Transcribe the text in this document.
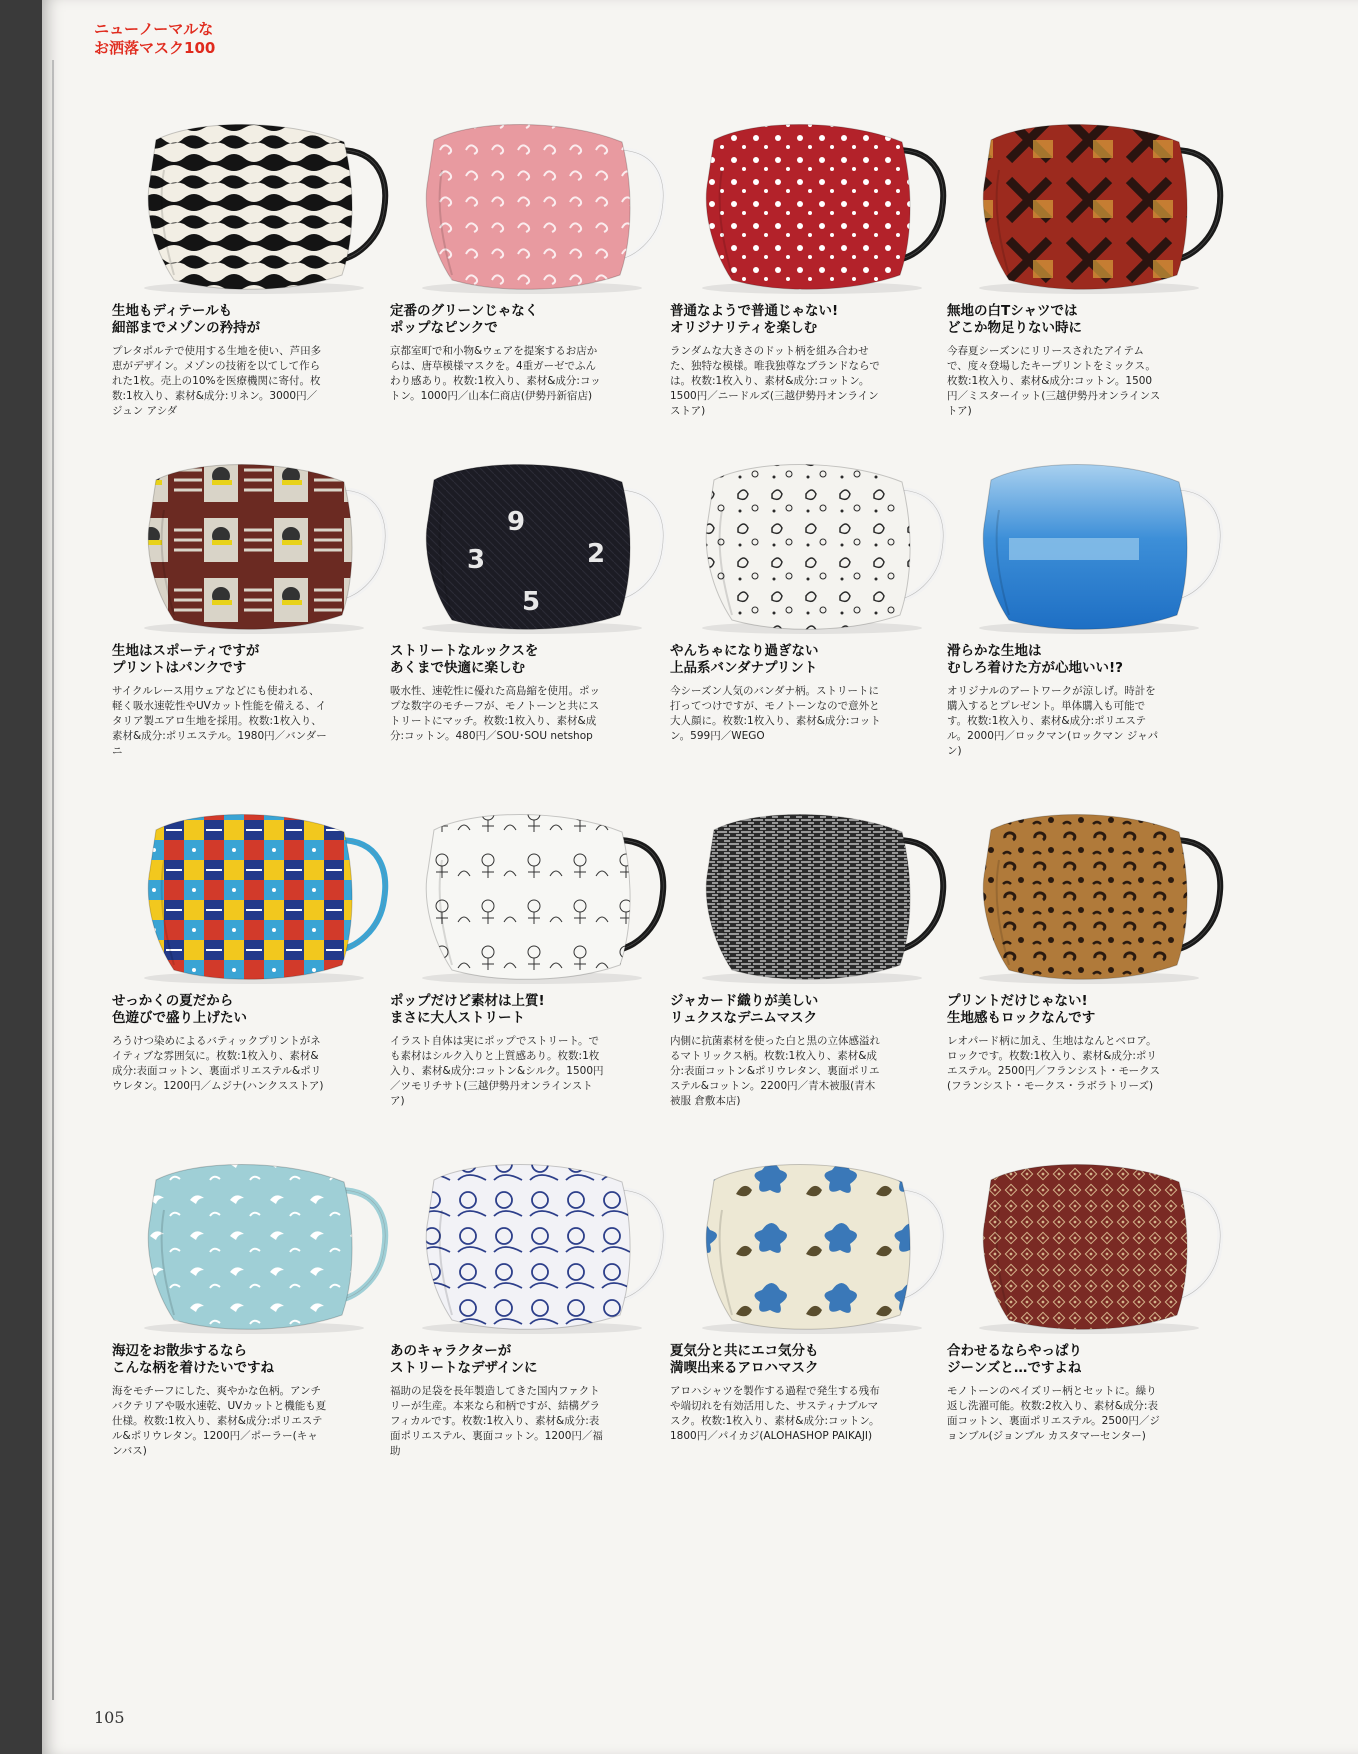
ニューノーマルな
お洒落マスク100
生地もディテールも
細部までメゾンの矜持が
プレタポルテで使用する生地を使い、芦田多恵がデザイン。メゾンの技術を以てして作られた1枚。売上の10%を医療機関に寄付。枚数:1枚入り、素材&成分:リネン。3000円／ジュン アシダ
定番のグリーンじゃなく
ポップなピンクで
京都室町で和小物&ウェアを提案するお店からは、唐草模様マスクを。4重ガーゼでふんわり感あり。枚数:1枚入り、素材&成分:コットン。1000円／山本仁商店(伊勢丹新宿店)
普通なようで普通じゃない!
オリジナリティを楽しむ
ランダムな大きさのドット柄を組み合わせた、独特な模様。唯我独尊なブランドならでは。枚数:1枚入り、素材&成分:コットン。1500円／ニードルズ(三越伊勢丹オンラインストア)
無地の白Tシャツでは
どこか物足りない時に
今春夏シーズンにリリースされたアイテムで、度々登場したキープリントをミックス。枚数:1枚入り、素材&成分:コットン。1500円／ミスターイット(三越伊勢丹オンラインストア)
生地はスポーティですが
プリントはパンクです
サイクルレース用ウェアなどにも使われる、軽く吸水速乾性やUVカット性能を備える、イタリア製エアロ生地を採用。枚数:1枚入り、素材&成分:ポリエステル。1980円／バンダーニ
9
3	2
5
ストリートなルックスを
あくまで快適に楽しむ
吸水性、速乾性に優れた高島縮を使用。ポップな数字のモチーフが、モノトーンと共にストリートにマッチ。枚数:1枚入り、素材&成分:コットン。480円／SOU･SOU netshop
やんちゃになり過ぎない
上品系バンダナプリント
今シーズン人気のバンダナ柄。ストリートに打ってつけですが、モノトーンなので意外と大人顔に。枚数:1枚入り、素材&成分:コットン。599円／WEGO
滑らかな生地は
むしろ着けた方が心地いい!?
オリジナルのアートワークが涼しげ。時計を購入するとプレゼント。単体購入も可能です。枚数:1枚入り、素材&成分:ポリエステル。2000円／ロックマン(ロックマン ジャパン)
せっかくの夏だから
色遊びで盛り上げたい
ろうけつ染めによるバティックプリントがネイティブな雰囲気に。枚数:1枚入り、素材&成分:表面コットン、裏面ポリエステル&ポリウレタン。1200円／ムジナ(ハンクスストア)
ポップだけど素材は上質!
まさに大人ストリート
イラスト自体は実にポップでストリート。でも素材はシルク入りと上質感あり。枚数:1枚入り、素材&成分:コットン&シルク。1500円／ツモリチサト(三越伊勢丹オンラインストア)
ジャカード織りが美しい
リュクスなデニムマスク
内側に抗菌素材を使った白と黒の立体感溢れるマトリックス柄。枚数:1枚入り、素材&成分:表面コットン&ポリウレタン、裏面ポリエステル&コットン。2200円／青木被服(青木被服 倉敷本店)
プリントだけじゃない!
生地感もロックなんです
レオパード柄に加え、生地はなんとベロア。ロックです。枚数:1枚入り、素材&成分:ポリエステル。2500円／フランシスト・モークス(フランシスト・モークス・ラボラトリーズ)
海辺をお散歩するなら
こんな柄を着けたいですね
海をモチーフにした、爽やかな色柄。アンチバクテリアや吸水速乾、UVカットと機能も夏仕様。枚数:1枚入り、素材&成分:ポリエステル&ポリウレタン。1200円／ポーラー(キャンバス)
あのキャラクターが
ストリートなデザインに
福助の足袋を長年製造してきた国内ファクトリーが生産。本来なら和柄ですが、結構グラフィカルです。枚数:1枚入り、素材&成分:表面ポリエステル、裏面コットン。1200円／福助
夏気分と共にエコ気分も
満喫出来るアロハマスク
アロハシャツを製作する過程で発生する残布や端切れを有効活用した、サスティナブルマスク。枚数:1枚入り、素材&成分:コットン。1800円／パイカジ(ALOHASHOP PAIKAJI)
合わせるならやっぱり
ジーンズと…ですよね
モノトーンのペイズリー柄とセットに。繰り返し洗濯可能。枚数:2枚入り、素材&成分:表面コットン、裏面ポリエステル。2500円／ジョンブル(ジョンブル カスタマーセンター)
105
